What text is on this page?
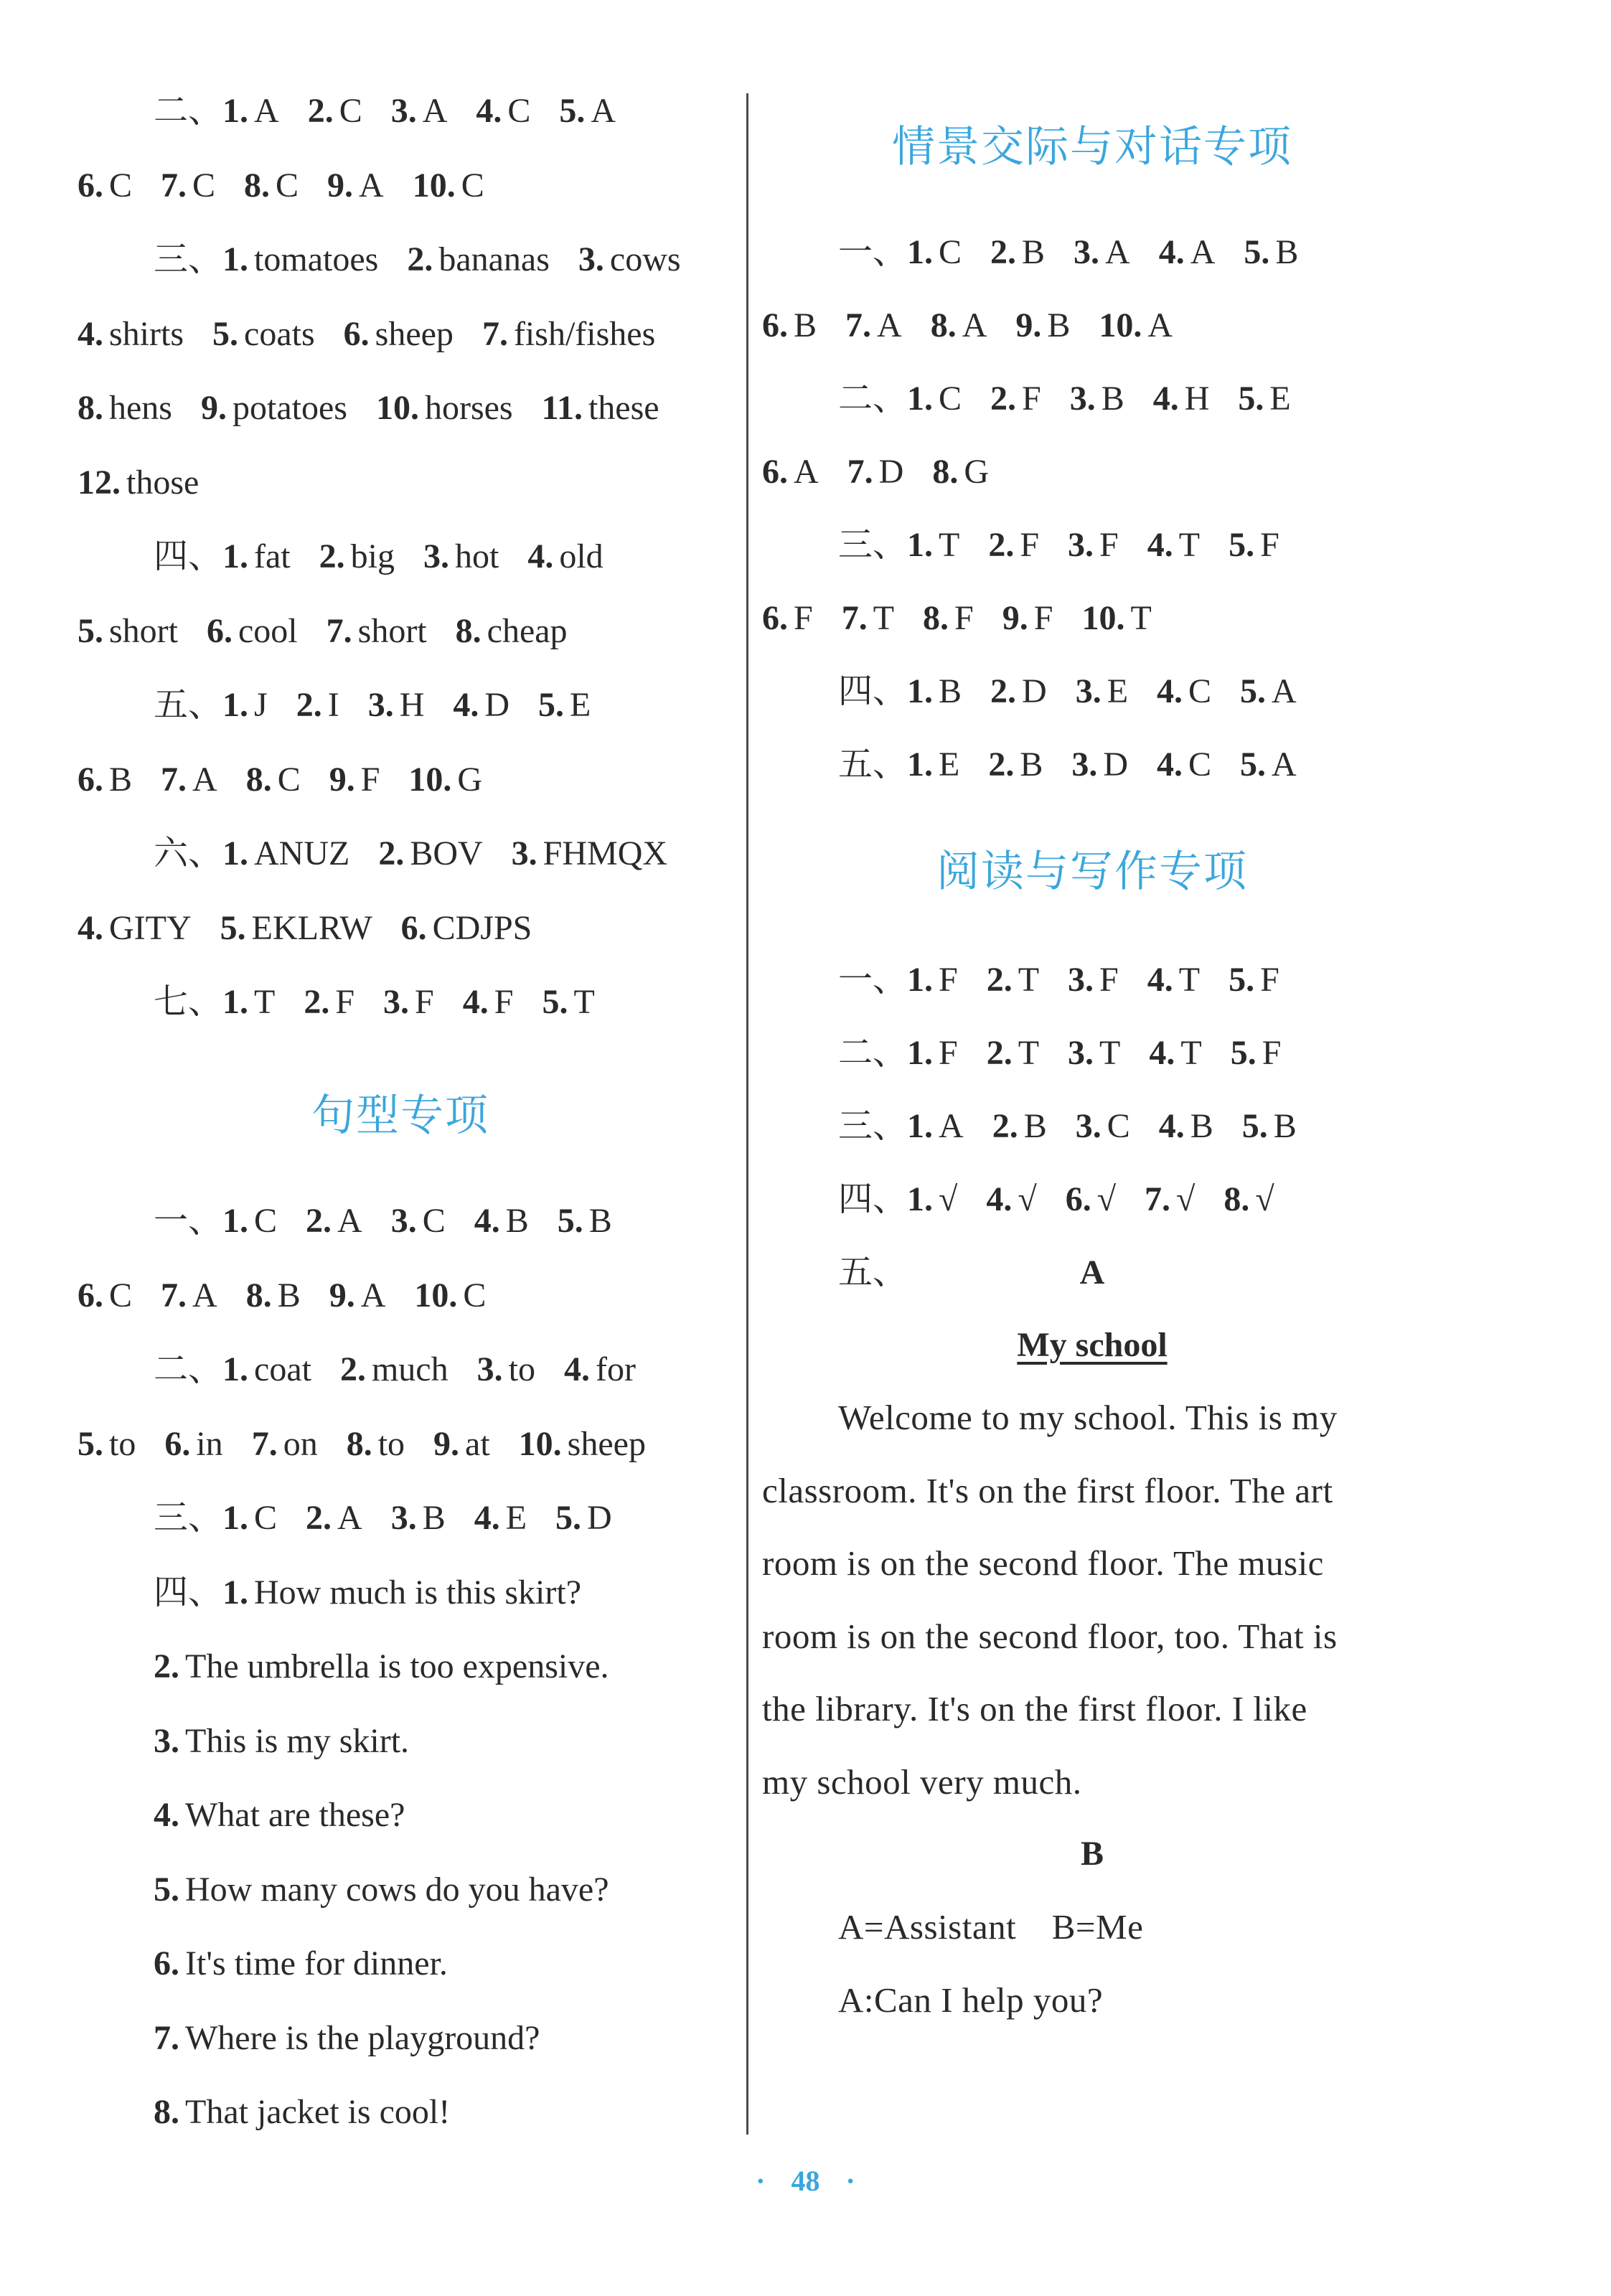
二、1. A 2. C 3. A 4. C 5. A
6. C 7. C 8. C 9. A 10. C
三、1. tomatoes 2. bananas 3. cows
4. shirts 5. coats 6. sheep 7. fish/fishes
8. hens 9. potatoes 10. horses 11. these
12. those
四、1. fat 2. big 3. hot 4. old
5. short 6. cool 7. short 8. cheap
五、1. J 2. I 3. H 4. D 5. E
6. B 7. A 8. C 9. F 10. G
六、1. ANUZ 2. BOV 3. FHMQX
4. GITY 5. EKLRW 6. CDJPS
七、1. T 2. F 3. F 4. F 5. T
句型专项
一、1. C 2. A 3. C 4. B 5. B
6. C 7. A 8. B 9. A 10. C
二、1. coat 2. much 3. to 4. for
5. to 6. in 7. on 8. to 9. at 10. sheep
三、1. C 2. A 3. B 4. E 5. D
四、1. How much is this skirt?
2. The umbrella is too expensive.
3. This is my skirt.
4. What are these?
5. How many cows do you have?
6. It's time for dinner.
7. Where is the playground?
8. That jacket is cool!
情景交际与对话专项
一、1. C 2. B 3. A 4. A 5. B
6. B 7. A 8. A 9. B 10. A
二、1. C 2. F 3. B 4. H 5. E
6. A 7. D 8. G
三、1. T 2. F 3. F 4. T 5. F
6. F 7. T 8. F 9. F 10. T
四、1. B 2. D 3. E 4. C 5. A
五、1. E 2. B 3. D 4. C 5. A
阅读与写作专项
一、1. F 2. T 3. F 4. T 5. F
二、1. F 2. T 3. T 4. T 5. F
三、1. A 2. B 3. C 4. B 5. B
四、1. √ 4. √ 6. √ 7. √ 8. √
五、	A
My school
Welcome to my school. This is my
classroom. It's on the first floor. The art
room is on the second floor. The music
room is on the second floor, too. That is
the library. It's on the first floor. I like
my school very much.
B
A=Assistant　B=Me
A:Can I help you?
· 48 ·
